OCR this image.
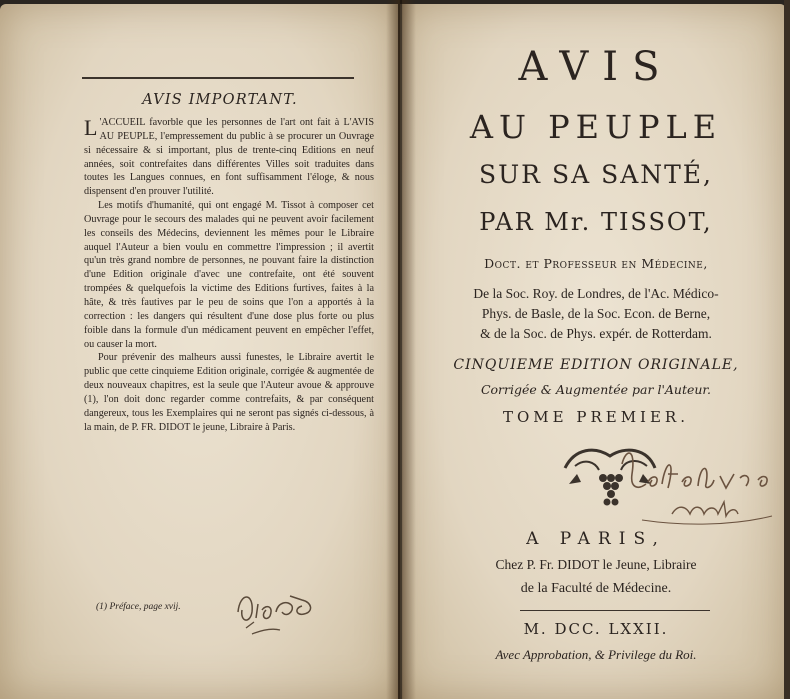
AVIS IMPORTANT.

L 'ACCUEIL favorble que les personnes de l'art ont fait à L'AVIS AU PEUPLE, l'empressement du public à se procurer un Ouvrage si nécessaire & si important, plus de trente-cinq Editions en neuf années, soit contrefaites dans différentes Villes soit traduites dans toutes les Langues connues, en font suffisamment l'éloge, & nous dispensent d'en prouver l'utilité.

Les motifs d'humanité, qui ont engagé M. Tissot à composer cet Ouvrage pour le secours des malades qui ne peuvent avoir facilement les conseils des Médecins, deviennent les mêmes pour le Libraire auquel l'Auteur a bien voulu en commettre l'impression ; il avertit qu'un très grand nombre de personnes, ne pouvant faire la distinction d'une Edition originale d'avec une contrefaite, ont été souvent trompées & quelquefois la victime des Editions furtives, faites à la hâte, & très fautives par le peu de soins que l'on a apportés à la correction : les dangers qui résultent d'une dose plus forte ou plus foible dans la formule d'un médicament peuvent en empêcher l'effet, ou causer la mort.

Pour prévenir des malheurs aussi funestes, le Libraire avertit le public que cette cinquieme Edition originale, corrigée & augmentée de deux nouveaux chapitres, est la seule que l'Auteur avoue & approuve (1), l'on doit donc regarder comme contrefaits, & par conséquent dangereux, tous les Exemplaires qui ne seront pas signés ci-dessous, à la main, de P. FR. DIDOT le jeune, Libraire à Paris.

(1) Préface, page xvij.
AVIS
AU PEUPLE
SUR SA SANTÉ,
PAR Mr. TISSOT,
Doct. et Professeur en Médecine,
De la Soc. Roy. de Londres, de l'Ac. Médico-
Phys. de Basle, de la Soc. Econ. de Berne,
& de la Soc. de Phys. expér. de Rotterdam.
CINQUIEME EDITION ORIGINALE,
Corrigée & Augmentée par l'Auteur.
TOME PREMIER.
A PARIS,
Chez P. Fr. DIDOT le Jeune, Libraire
de la Faculté de Médecine.
M. DCC. LXXII.
Avec Approbation, & Privilege du Roi.
